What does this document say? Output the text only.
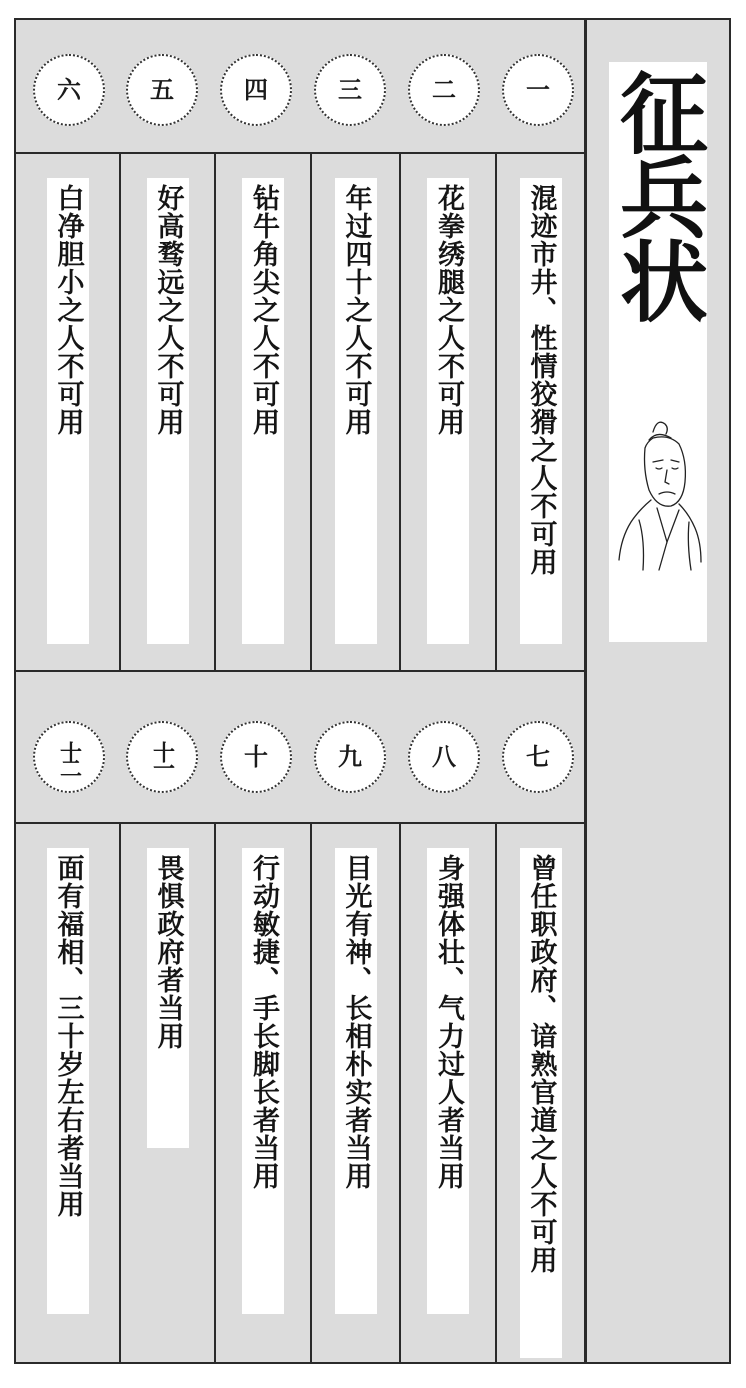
六	五	四	三	二	一
白净胆小之人不可用	好高骛远之人不可用 钻牛角尖之人不可用 年过四十之人不可用 花拳绣腿之人不可用 混迹市井、性情狡猾之人不可用
十二	十一	十	九	八	七
面有福相、三十岁左右者当用	畏惧政府者当用 行动敏捷、手长脚长者当用 目光有神、长相朴实者当用 身强体壮、气力过人者当用 曾任职政府、谙熟官道之人不可用
征兵状
